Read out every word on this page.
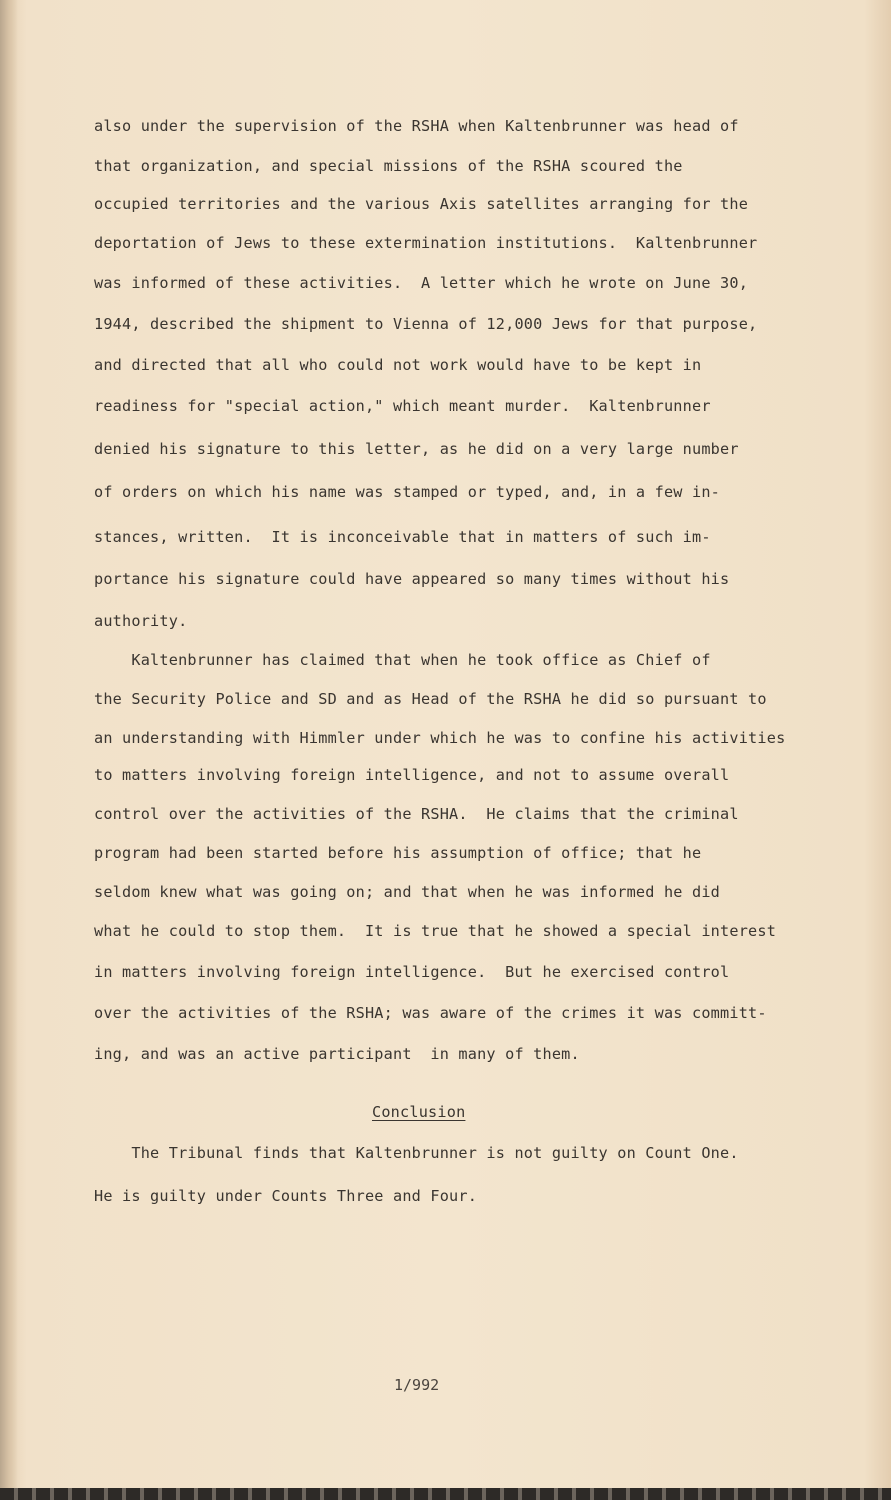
also under the supervision of the RSHA when Kaltenbrunner was head of
that organization, and special missions of the RSHA scoured the
occupied territories and the various Axis satellites arranging for the
deportation of Jews to these extermination institutions.  Kaltenbrunner
was informed of these activities.  A letter which he wrote on June 30,
1944, described the shipment to Vienna of 12,000 Jews for that purpose,
and directed that all who could not work would have to be kept in
readiness for "special action," which meant murder.  Kaltenbrunner
denied his signature to this letter, as he did on a very large number
of orders on which his name was stamped or typed, and, in a few in-
stances, written.  It is inconceivable that in matters of such im-
portance his signature could have appeared so many times without his
authority.
Kaltenbrunner has claimed that when he took office as Chief of
the Security Police and SD and as Head of the RSHA he did so pursuant to
an understanding with Himmler under which he was to confine his activities
to matters involving foreign intelligence, and not to assume overall
control over the activities of the RSHA.  He claims that the criminal
program had been started before his assumption of office; that he
seldom knew what was going on; and that when he was informed he did
what he could to stop them.  It is true that he showed a special interest
in matters involving foreign intelligence.  But he exercised control
over the activities of the RSHA; was aware of the crimes it was committ-
ing, and was an active participant  in many of them.
Conclusion
The Tribunal finds that Kaltenbrunner is not guilty on Count One.
He is guilty under Counts Three and Four.
1/992
